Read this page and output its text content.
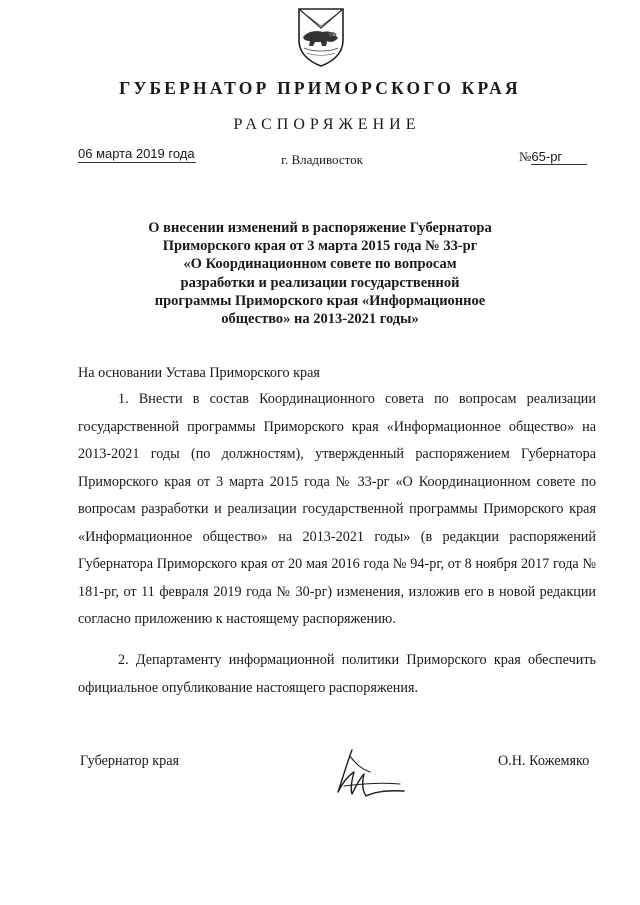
ГУБЕРНАТОР ПРИМОРСКОГО КРАЯ
РАСПОРЯЖЕНИЕ
06 марта 2019 года	г. Владивосток	№65-рг
О внесении изменений в распоряжение Губернатора
Приморского края от 3 марта 2015 года № 33-рг
«О Координационном совете по вопросам
разработки и реализации государственной
программы Приморского края «Информационное
общество» на 2013-2021 годы»
На основании Устава Приморского края
1. Внести в состав Координационного совета по вопросам реализации государственной программы Приморского края «Информационное общество» на 2013-2021 годы (по должностям), утвержденный распоряжением Губернатора Приморского края от 3 марта 2015 года № 33-рг «О Координационном совете по вопросам разработки и реализации государственной программы Приморского края «Информационное общество» на 2013-2021 годы» (в редакции распоряжений Губернатора Приморского края от 20 мая 2016 года № 94-рг, от 8 ноября 2017 года № 181-рг, от 11 февраля 2019 года № 30-рг) изменения, изложив его в новой редакции согласно приложению к настоящему распоряжению.
2. Департаменту информационной политики Приморского края обеспечить официальное опубликование настоящего распоряжения.
Губернатор края	О.Н. Кожемяко
